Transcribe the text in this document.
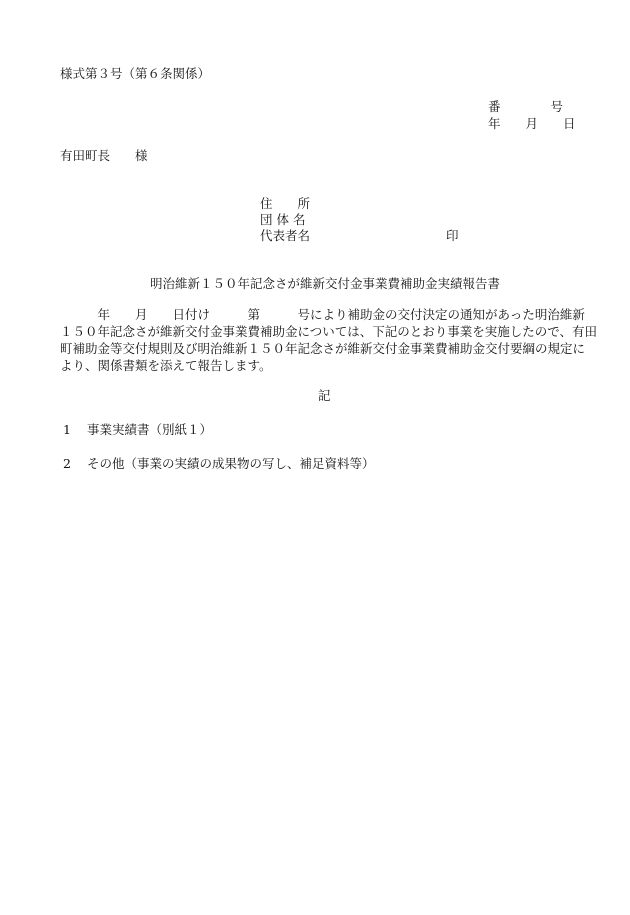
様式第３号（第６条関係）
番　　　　号
年　　月　　日
有田町長　　様
住　　所
団 体 名
代表者名	印
明治維新１５０年記念さが維新交付金事業費補助金実績報告書
　　　年　　月　　日付け　　　第　　　号により補助金の交付決定の通知があった明治維新
１５０年記念さが維新交付金事業費補助金については、下記のとおり事業を実施したので、有田
町補助金等交付規則及び明治維新１５０年記念さが維新交付金事業費補助金交付要綱の規定に
より、関係書類を添えて報告します。
記
1 事業実績書（別紙１）
2 その他（事業の実績の成果物の写し、補足資料等）
